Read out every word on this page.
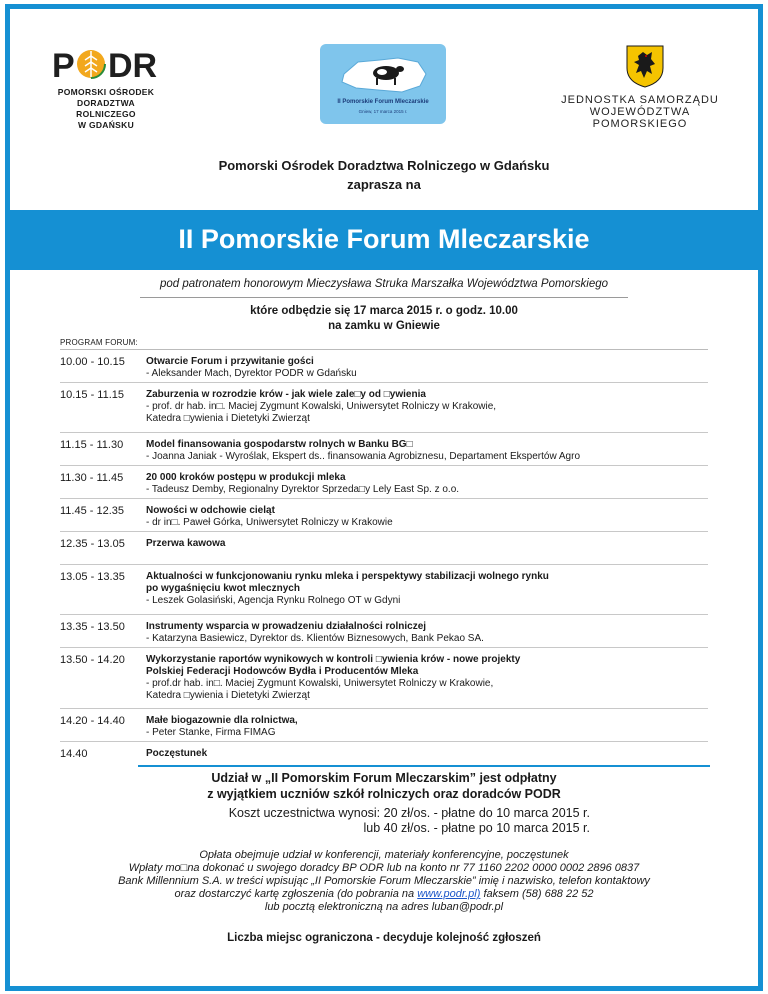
P DR
POMORSKI OŚRODEK
DORADZTWA ROLNICZEGO
W GDAŃSKU
II Pomorskie Forum Mleczarskie
Gniew, 17 marca 2015 r.
JEDNOSTKA SAMORZĄDU
WOJEWÓDZTWA POMORSKIEGO
Pomorski Ośrodek Doradztwa Rolniczego w Gdańsku
zaprasza na
II Pomorskie Forum Mleczarskie
pod patronatem honorowym Mieczysława Struka Marszałka Województwa Pomorskiego
które odbędzie się 17 marca 2015 r. o godz. 10.00
na zamku w Gniewie
PROGRAM FORUM:
10.00 - 10.15	Otwarcie Forum i przywitanie gości
- Aleksander Mach, Dyrektor PODR w Gdańsku
10.15 - 11.15	Zaburzenia w rozrodzie krów - jak wiele zale□y od □ywienia
- prof. dr hab. in□. Maciej Zygmunt Kowalski, Uniwersytet Rolniczy w Krakowie,
Katedra □ywienia i Dietetyki Zwierząt
11.15 - 11.30	Model finansowania gospodarstw rolnych w Banku BG□
- Joanna Janiak - Wyroślak, Ekspert ds.. finansowania Agrobiznesu, Departament Ekspertów Agro
11.30 - 11.45	20 000 kroków postępu w produkcji mleka
- Tadeusz Demby, Regionalny Dyrektor Sprzeda□y Lely East Sp. z o.o.
11.45 - 12.35	Nowości w odchowie cieląt
- dr in□. Paweł Górka, Uniwersytet Rolniczy w Krakowie
12.35 - 13.05	Przerwa kawowa
13.05 - 13.35	Aktualności w funkcjonowaniu rynku mleka i perspektywy stabilizacji wolnego rynku
po wygaśnięciu kwot mlecznych
- Leszek Golasiński, Agencja Rynku Rolnego OT w Gdyni
13.35 - 13.50	Instrumenty wsparcia w prowadzeniu działalności rolniczej
- Katarzyna Basiewicz, Dyrektor ds. Klientów Biznesowych, Bank Pekao SA.
13.50 - 14.20	Wykorzystanie raportów wynikowych w kontroli □ywienia krów - nowe projekty
Polskiej Federacji Hodowców Bydła i Producentów Mleka
- prof.dr hab. in□. Maciej Zygmunt Kowalski, Uniwersytet Rolniczy w Krakowie,
Katedra □ywienia i Dietetyki Zwierząt
14.20 - 14.40	Małe biogazownie dla rolnictwa,
- Peter Stanke, Firma FIMAG
14.40	Poczęstunek
Udział w „II Pomorskim Forum Mleczarskim” jest odpłatny
z wyjątkiem uczniów szkół rolniczych oraz doradców PODR
Koszt uczestnictwa wynosi: 20 zł/os. - płatne do 10 marca 2015 r.
lub 40 zł/os. - płatne po 10 marca 2015 r.
Opłata obejmuje udział w konferencji, materiały konferencyjne, poczęstunek
Wpłaty mo□na dokonać u swojego doradcy BP ODR lub na konto nr 77 1160 2202 0000 0002 2896 0837
Bank Millennium S.A. w treści wpisując „II Pomorskie Forum Mleczarskie” imię i nazwisko, telefon kontaktowy
oraz dostarczyć kartę zgłoszenia (do pobrania na www.podr.pl) faksem (58) 688 22 52
lub pocztą elektroniczną na adres luban@podr.pl
Liczba miejsc ograniczona - decyduje kolejność zgłoszeń
